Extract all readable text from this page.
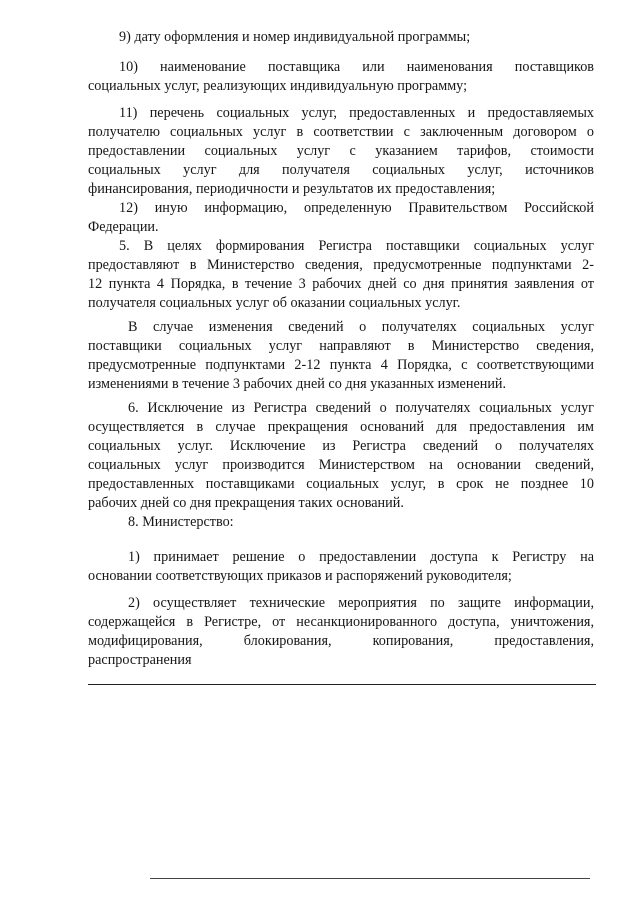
9) дату оформления и номер индивидуальной программы;

10) наименование поставщика или наименования поставщиков
социальных услуг, реализующих индивидуальную программу;

11) перечень социальных услуг, предоставленных и предоставляемых
получателю социальных услуг в соответствии с заключенным договором о
предоставлении социальных услуг с указанием тарифов, стоимости
социальных услуг для получателя социальных услуг, источников
финансирования, периодичности и результатов их предоставления;

12) иную информацию, определенную Правительством Российской
Федерации.

5. В целях формирования Регистра поставщики социальных услуг
предоставляют в Министерство сведения, предусмотренные подпунктами 2-
12 пункта 4 Порядка, в течение 3 рабочих дней со дня принятия заявления от
получателя социальных услуг об оказании социальных услуг.

В случае изменения сведений о получателях социальных услуг
поставщики социальных услуг направляют в Министерство сведения,
предусмотренные подпунктами 2-12 пункта 4 Порядка, с соответствующими
изменениями в течение 3 рабочих дней со дня указанных изменений.

6. Исключение из Регистра сведений о получателях социальных услуг
осуществляется в случае прекращения оснований для предоставления им
социальных услуг. Исключение из Регистра сведений о получателях
социальных услуг производится Министерством на основании сведений,
предоставленных поставщиками социальных услуг, в срок не позднее 10
рабочих дней со дня прекращения таких оснований.

8. Министерство:

1) принимает решение о предоставлении доступа к Регистру на
основании соответствующих приказов и распоряжений руководителя;

2) осуществляет технические мероприятия по защите информации,
содержащейся в Регистре, от несанкционированного доступа, уничтожения,
модифицирования, блокирования, копирования, предоставления,
распространения
